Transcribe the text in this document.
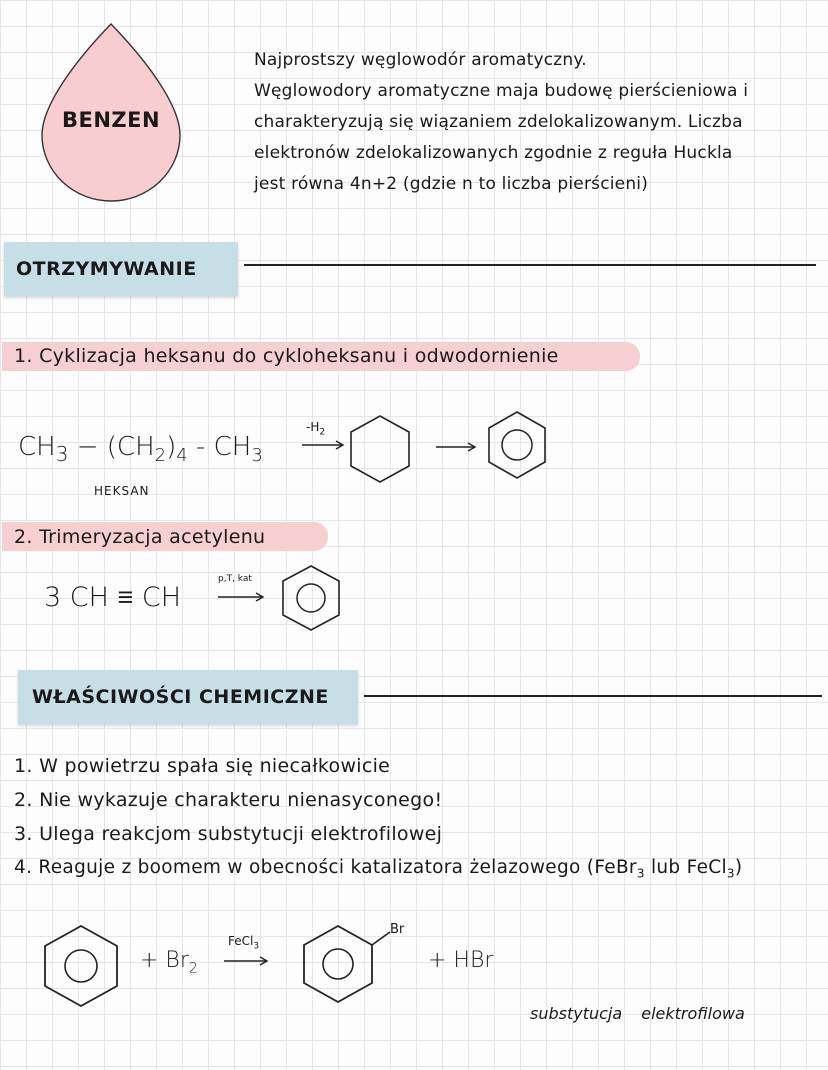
BENZEN
Najprostszy węglowodór aromatyczny.
Węglowodory aromatyczne maja budowę pierścieniowa i
charakteryzują się wiązaniem zdelokalizowanym. Liczba
elektronów zdelokalizowanych zgodnie z reguła Huckla
jest równa 4n+2 (gdzie n to liczba pierścieni)
OTRZYMYWANIE
1. Cyklizacja heksanu do cykloheksanu i odwodornienie
$CH_3 - (CH_2)_4 - CH_3$
HEKSAN
$-H_2$
2. Trimeryzacja acetylenu
3 CH ≡ CH
p,T, kat
WŁAŚCIWOŚCI CHEMICZNE
1. W powietrzu spała się niecałkowicie
2. Nie wykazuje charakteru nienasyconego!
3. Ulega reakcjom substytucji elektrofilowej
4. Reaguje z boomem w obecności katalizatora żelazowego (FeBr$_3$ lub FeCl$_3$)
+ $Br_2$
FeCl$_3$
Br
+ HBr
substytucja elektrofilowa
